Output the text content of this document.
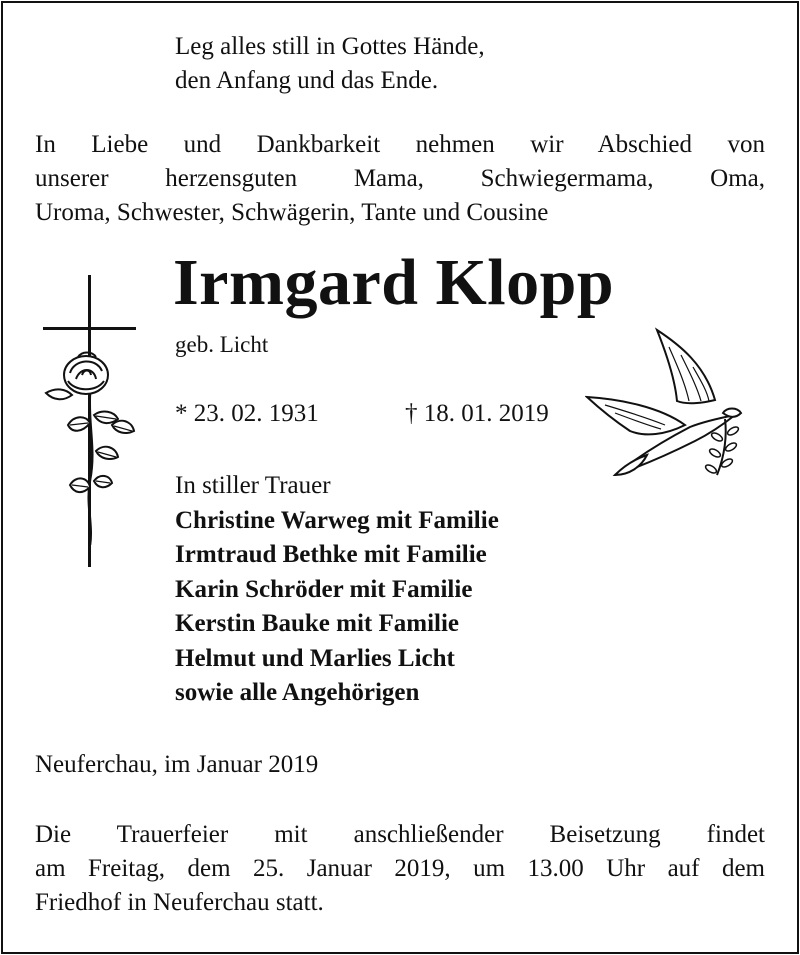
Leg alles still in Gottes Hände,
den Anfang und das Ende.
In Liebe und Dankbarkeit nehmen wir Abschied von
unserer herzensguten Mama, Schwiegermama, Oma,
Uroma, Schwester, Schwägerin, Tante und Cousine
Irmgard Klopp
geb. Licht
* 23. 02. 1931	† 18. 01. 2019
In stiller Trauer
Christine Warweg mit Familie
Irmtraud Bethke mit Familie
Karin Schröder mit Familie
Kerstin Bauke mit Familie
Helmut und Marlies Licht
sowie alle Angehörigen
Neuferchau, im Januar 2019
Die Trauerfeier mit anschließender Beisetzung findet
am Freitag, dem 25. Januar 2019, um 13.00 Uhr auf dem
Friedhof in Neuferchau statt.
